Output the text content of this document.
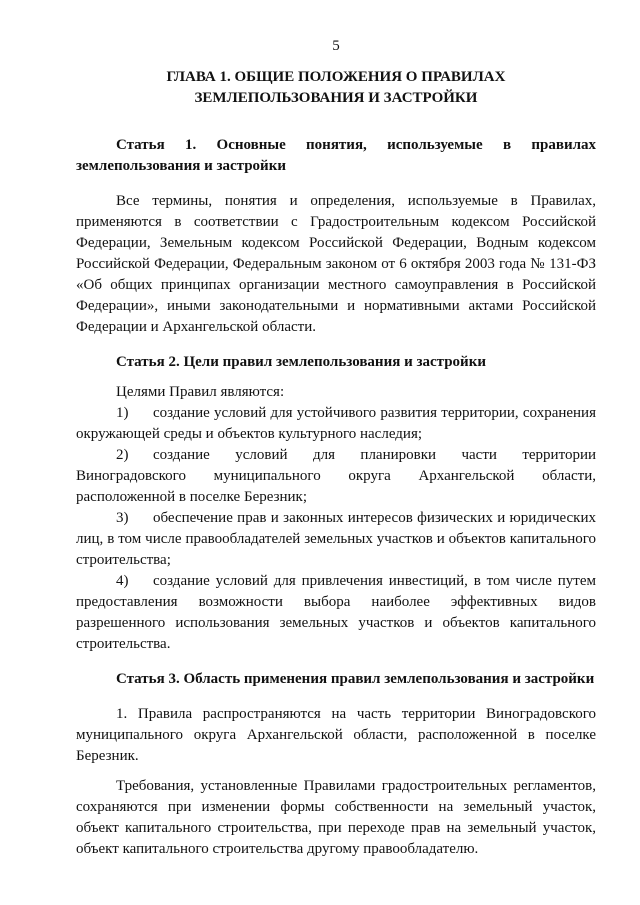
5
ГЛАВА 1. ОБЩИЕ ПОЛОЖЕНИЯ О ПРАВИЛАХ
ЗЕМЛЕПОЛЬЗОВАНИЯ И ЗАСТРОЙКИ
Статья 1. Основные понятия, используемые в правилах землепользования и застройки

Все термины, понятия и определения, используемые в Правилах, применяются в соответствии с Градостроительным кодексом Российской Федерации, Земельным кодексом Российской Федерации, Водным кодексом Российской Федерации, Федеральным законом от 6 октября 2003 года № 131-ФЗ «Об общих принципах организации местного самоуправления в Российской Федерации», иными законодательными и нормативными актами Российской Федерации и Архангельской области.

Статья 2. Цели правил землепользования и застройки

Целями Правил являются:

1) создание условий для устойчивого развития территории, сохранения окружающей среды и объектов культурного наследия;
2) создание условий для планировки части территории Виноградовского муниципального округа Архангельской области, расположенной в поселке Березник;
3) обеспечение прав и законных интересов физических и юридических лиц, в том числе правообладателей земельных участков и объектов капитального строительства;
4) создание условий для привлечения инвестиций, в том числе путем предоставления возможности выбора наиболее эффективных видов разрешенного использования земельных участков и объектов капитального строительства.
Статья 3. Область применения правил землепользования и застройки

1. Правила распространяются на часть территории Виноградовского муниципального округа Архангельской области, расположенной в поселке Березник.

Требования, установленные Правилами градостроительных регламентов, сохраняются при изменении формы собственности на земельный участок, объект капитального строительства, при переходе прав на земельный участок, объект капитального строительства другому правообладателю.
